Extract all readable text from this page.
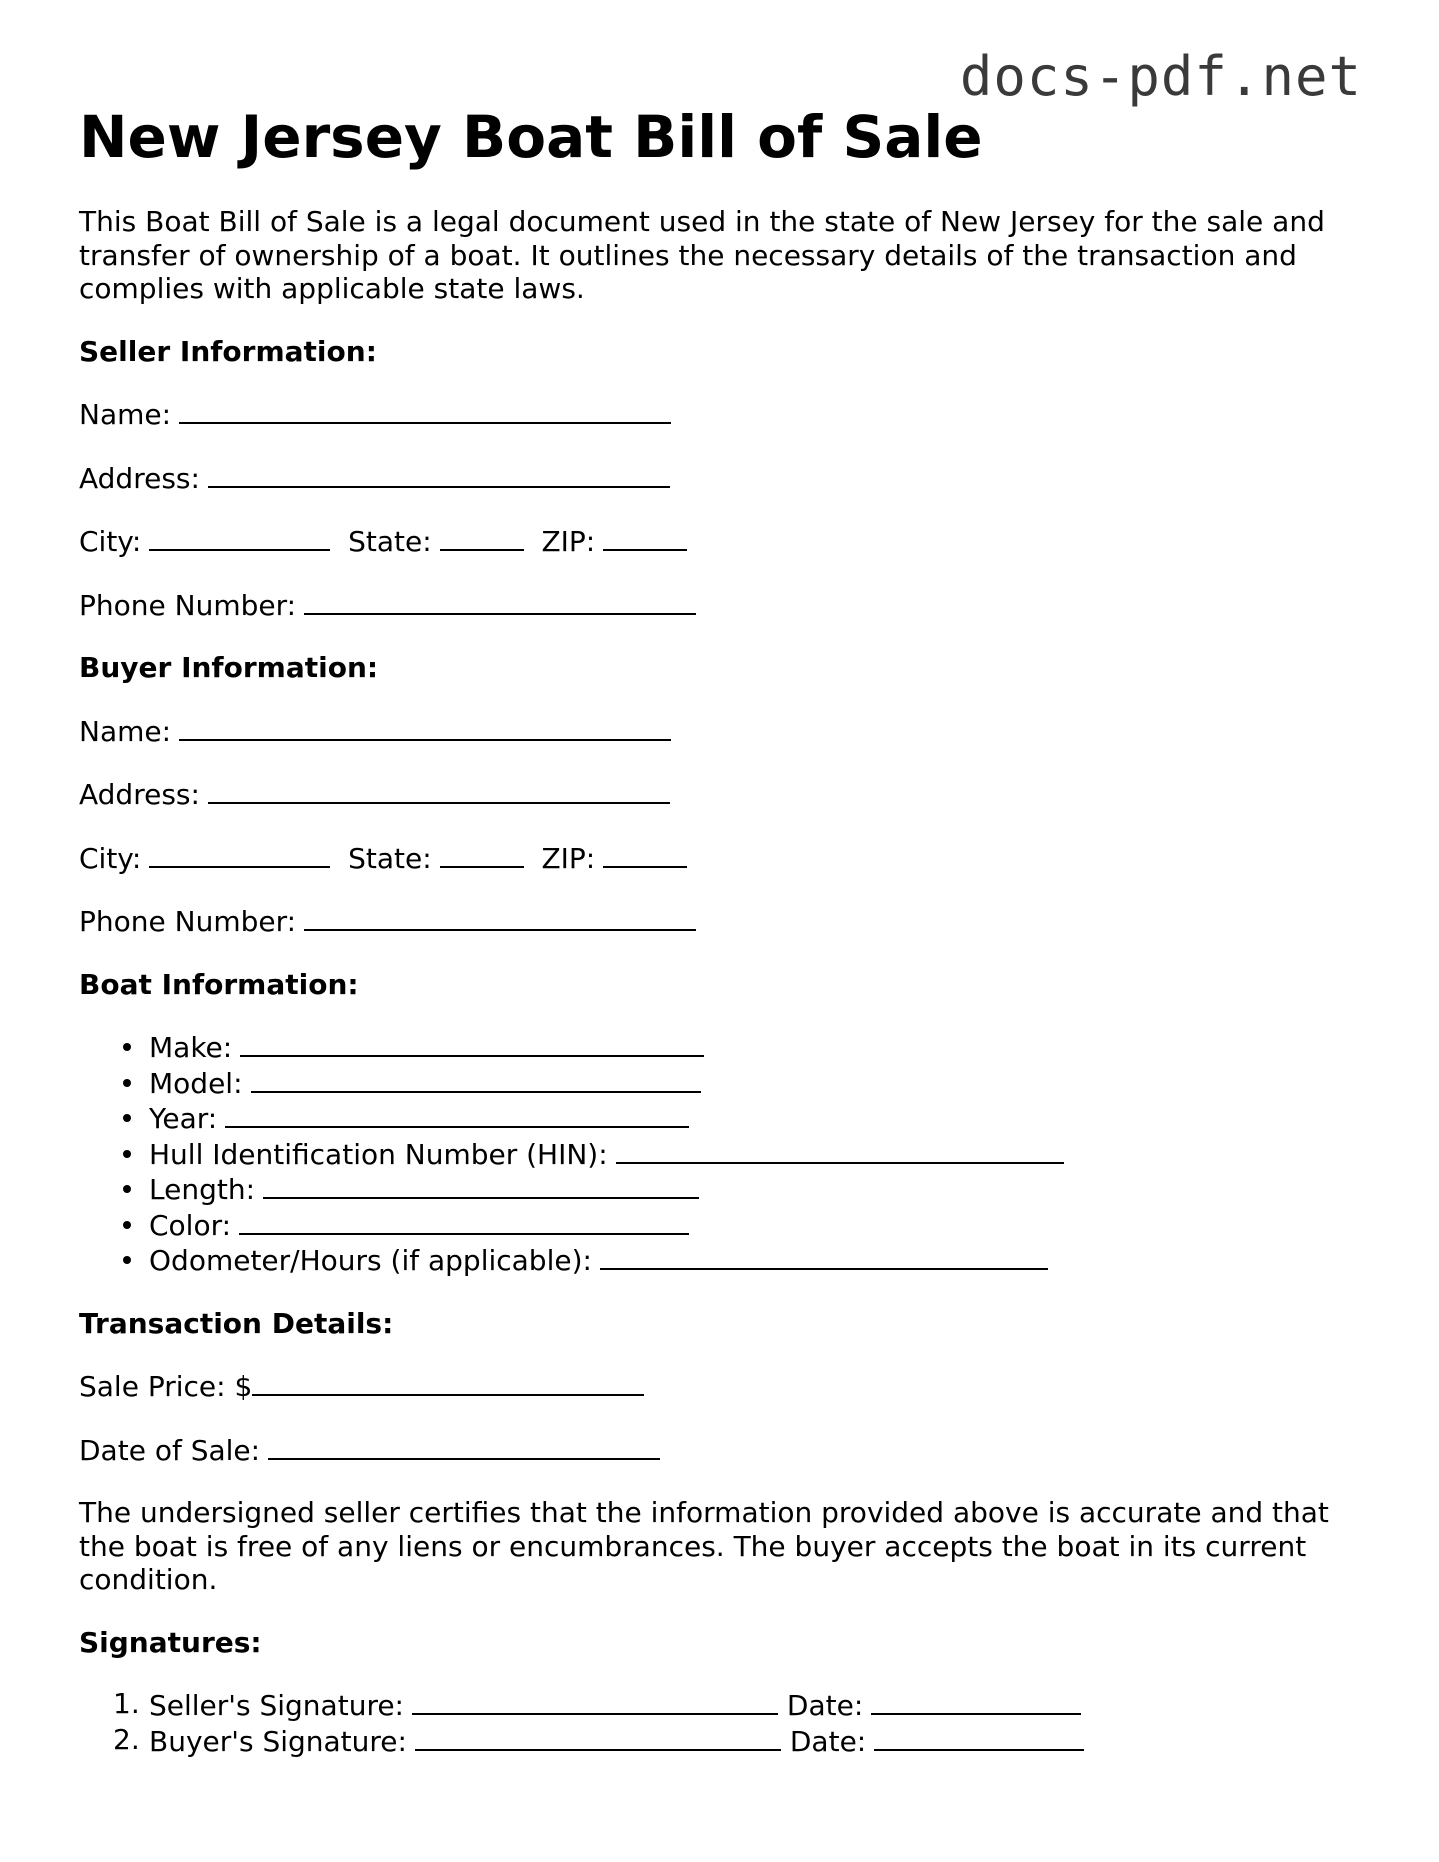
docs-pdf.net
New Jersey Boat Bill of Sale

This Boat Bill of Sale is a legal document used in the state of New Jersey for the sale and transfer of ownership of a boat. It outlines the necessary details of the transaction and complies with applicable state laws.

Seller Information:
Name:
Address:
City:	State:	ZIP:
Phone Number:
Buyer Information:
Name:
Address:
City:	State:	ZIP:
Phone Number:
Boat Information:
Make:
Model:
Year:
Hull Identification Number (HIN):
Length:
Color:
Odometer/Hours (if applicable):
Transaction Details:
Sale Price: $
Date of Sale:

The undersigned seller certifies that the information provided above is accurate and that the boat is free of any liens or encumbrances. The buyer accepts the boat in its current condition.

Signatures:
1. Seller's Signature:	Date:
2. Buyer's Signature:	Date:
